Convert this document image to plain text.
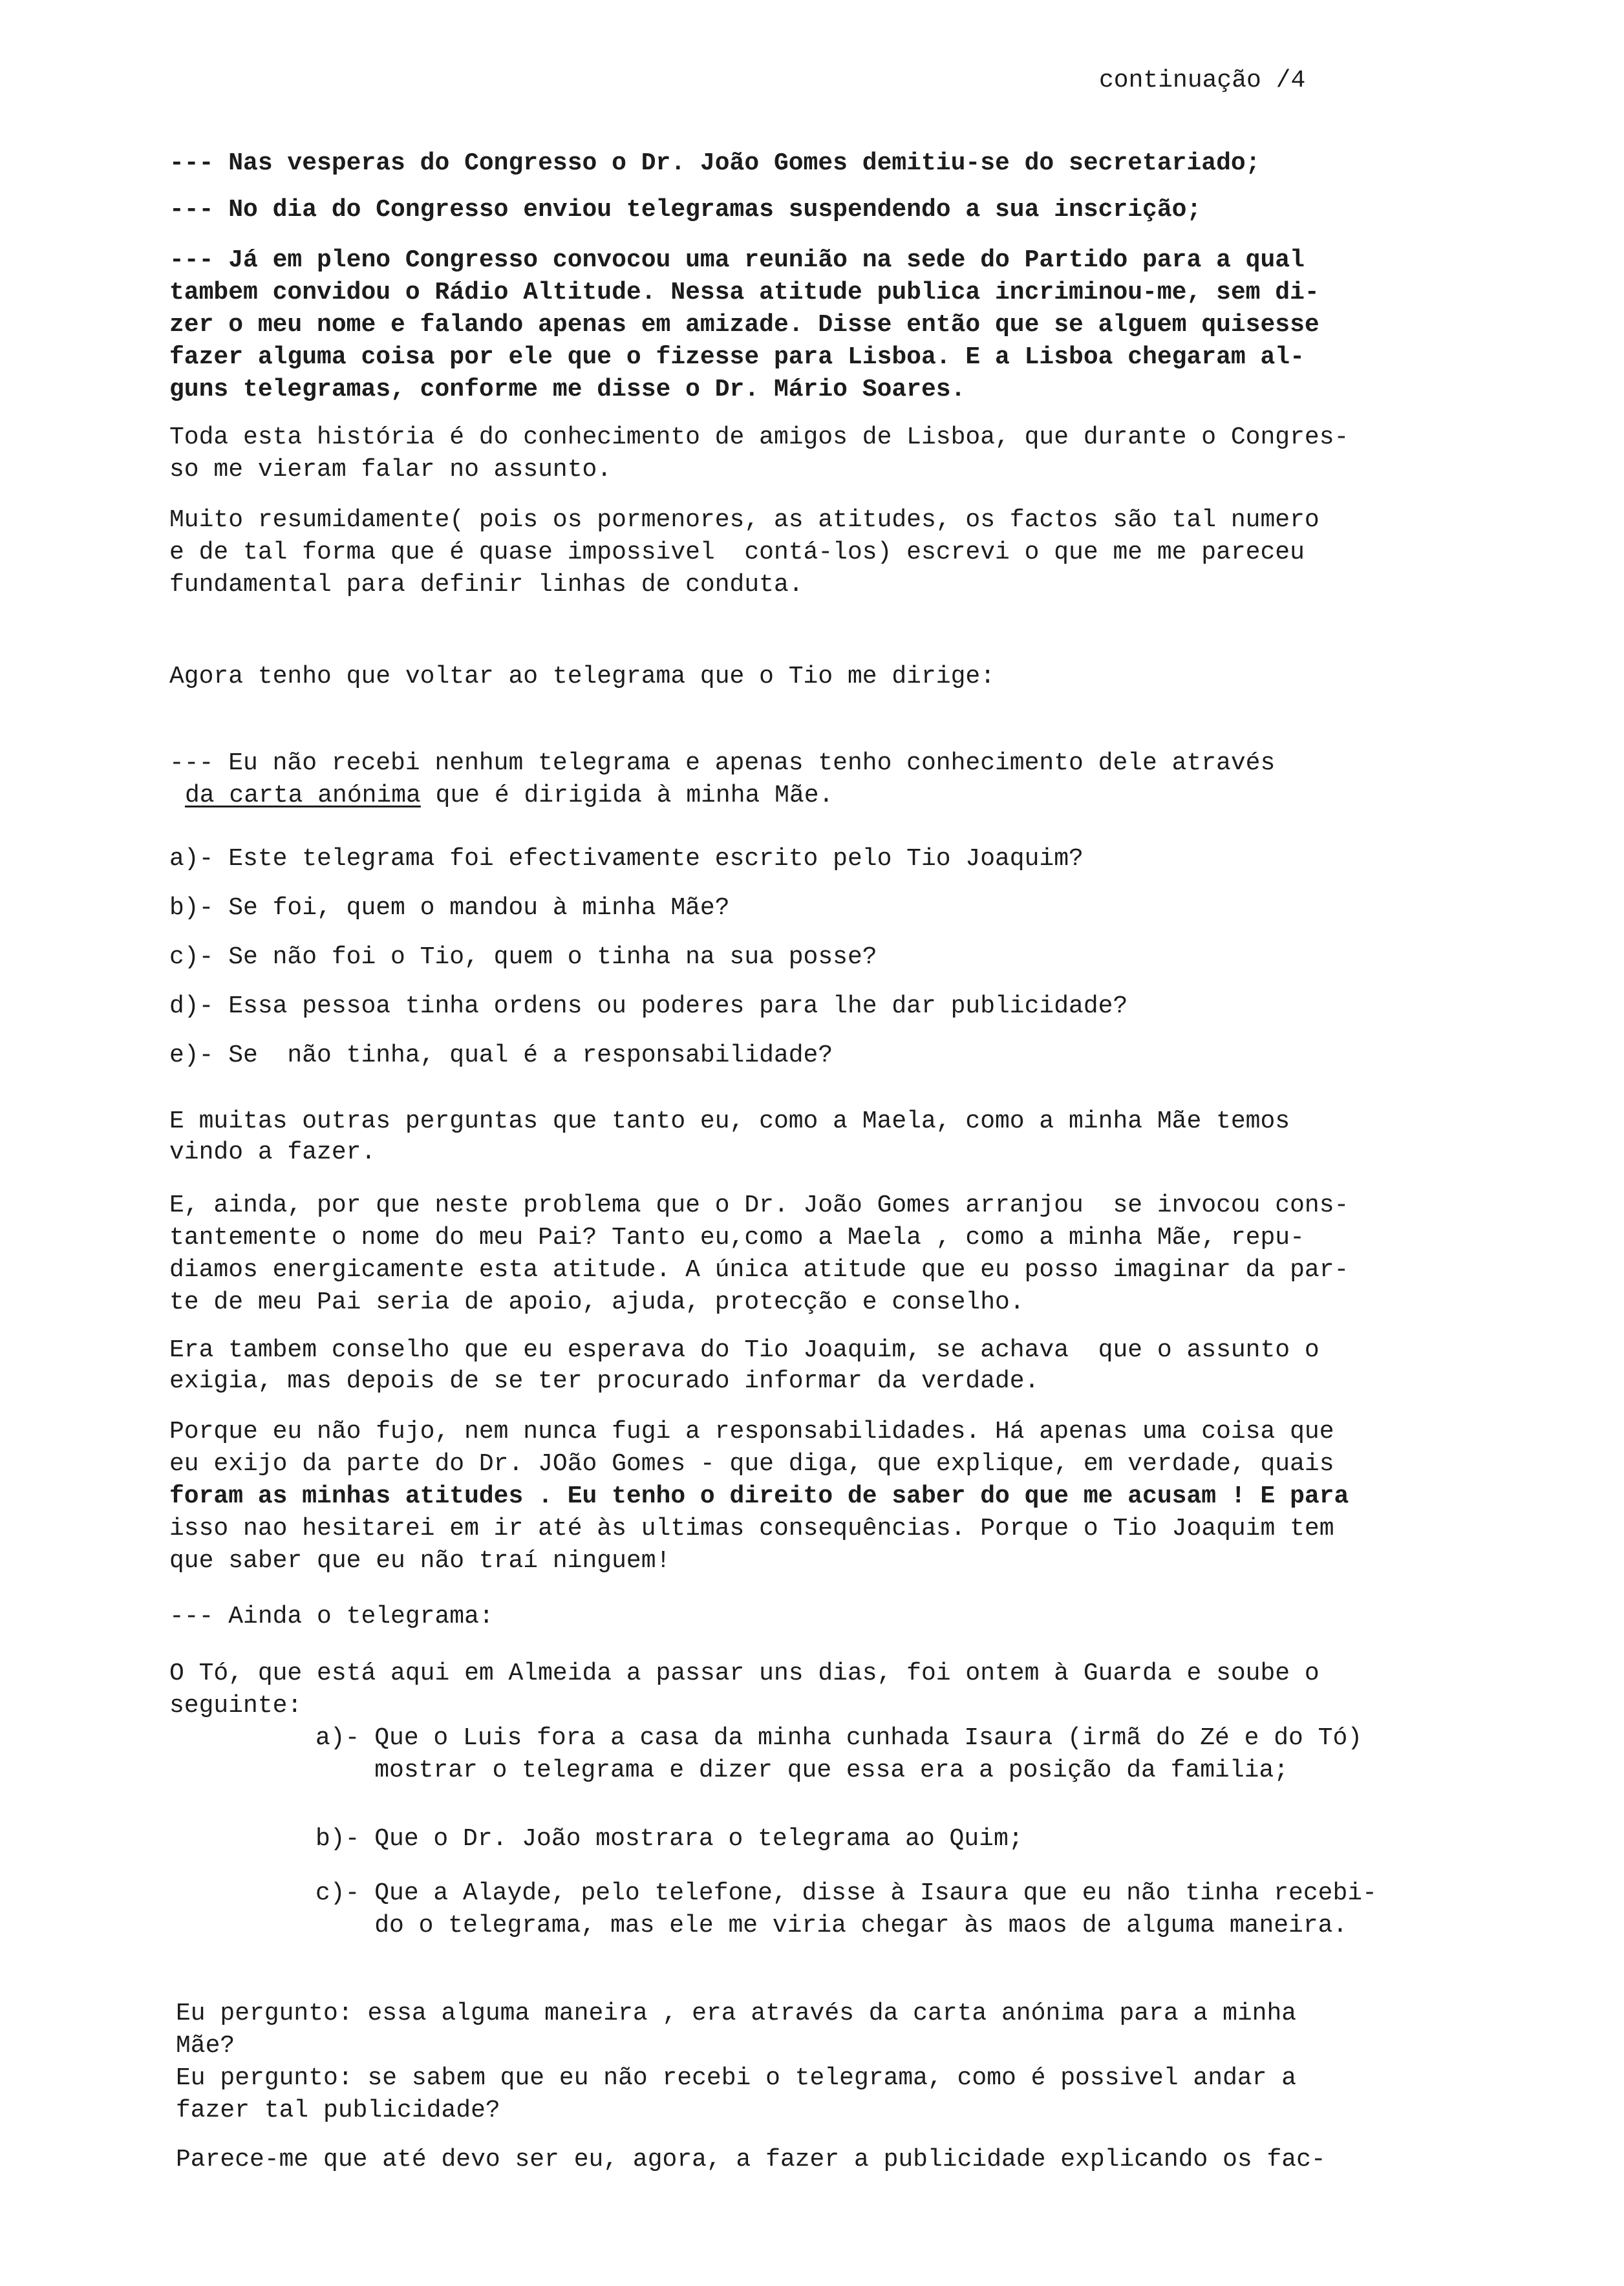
continuação /4

--- Nas vesperas do Congresso o Dr. João Gomes demitiu-se do secretariado;

--- No dia do Congresso enviou telegramas suspendendo a sua inscrição;

--- Já em pleno Congresso convocou uma reunião na sede do Partido para a qual

tambem convidou o Rádio Altitude. Nessa atitude publica incriminou-me, sem di-

zer o meu nome e falando apenas em amizade. Disse então que se alguem quisesse

fazer alguma coisa por ele que o fizesse para Lisboa. E a Lisboa chegaram al-

guns telegramas, conforme me disse o Dr. Mário Soares.

Toda esta história é do conhecimento de amigos de Lisboa, que durante o Congres-

so me vieram falar no assunto.

Muito resumidamente( pois os pormenores, as atitudes, os factos são tal numero

e de tal forma que é quase impossivel  contá-los) escrevi o que me me pareceu

fundamental para definir linhas de conduta.

Agora tenho que voltar ao telegrama que o Tio me dirige:

--- Eu não recebi nenhum telegrama e apenas tenho conhecimento dele através

da carta anónima que é dirigida à minha Mãe.

a)- Este telegrama foi efectivamente escrito pelo Tio Joaquim?

b)- Se foi, quem o mandou à minha Mãe?

c)- Se não foi o Tio, quem o tinha na sua posse?

d)- Essa pessoa tinha ordens ou poderes para lhe dar publicidade?

e)- Se  não tinha, qual é a responsabilidade?

E muitas outras perguntas que tanto eu, como a Maela, como a minha Mãe temos

vindo a fazer.

E, ainda, por que neste problema que o Dr. João Gomes arranjou  se invocou cons-

tantemente o nome do meu Pai? Tanto eu,como a Maela , como a minha Mãe, repu-

diamos energicamente esta atitude. A única atitude que eu posso imaginar da par-

te de meu Pai seria de apoio, ajuda, protecção e conselho.

Era tambem conselho que eu esperava do Tio Joaquim, se achava  que o assunto o

exigia, mas depois de se ter procurado informar da verdade.

Porque eu não fujo, nem nunca fugi a responsabilidades. Há apenas uma coisa que

eu exijo da parte do Dr. JOão Gomes - que diga, que explique, em verdade, quais

foram as minhas atitudes . Eu tenho o direito de saber do que me acusam ! E para

isso nao hesitarei em ir até às ultimas consequências. Porque o Tio Joaquim tem

que saber que eu não traí ninguem!

--- Ainda o telegrama:

O Tó, que está aqui em Almeida a passar uns dias, foi ontem à Guarda e soube o

seguinte:

a)- Que o Luis fora a casa da minha cunhada Isaura (irmã do Zé e do Tó)

mostrar o telegrama e dizer que essa era a posição da familia;

b)- Que o Dr. João mostrara o telegrama ao Quim;

c)- Que a Alayde, pelo telefone, disse à Isaura que eu não tinha recebi-

do o telegrama, mas ele me viria chegar às maos de alguma maneira.

Eu pergunto: essa alguma maneira , era através da carta anónima para a minha

Mãe?

Eu pergunto: se sabem que eu não recebi o telegrama, como é possivel andar a

fazer tal publicidade?

Parece-me que até devo ser eu, agora, a fazer a publicidade explicando os fac-
